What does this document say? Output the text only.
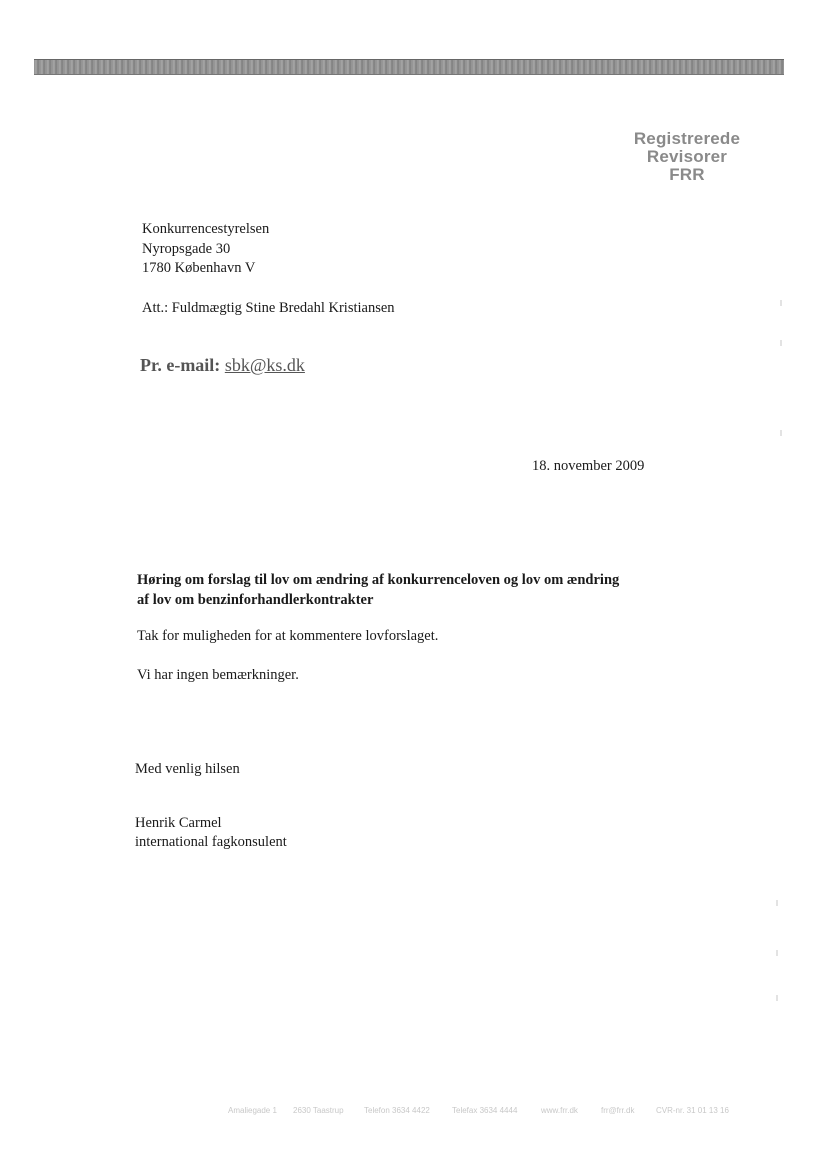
Registrerede
Revisorer
FRR
Konkurrencestyrelsen
Nyropsgade 30
1780 København V
Att.: Fuldmægtig Stine Bredahl Kristiansen
Pr. e-mail: sbk@ks.dk
18. november 2009
Høring om forslag til lov om ændring af konkurrenceloven og lov om ændring
af lov om benzinforhandlerkontrakter
Tak for muligheden for at kommentere lovforslaget.
Vi har ingen bemærkninger.
Med venlig hilsen
Henrik Carmel
international fagkonsulent
Amaliegade 1 2630 Taastrup	Telefon 3634 4422	Telefax 3634 4444	www.frr.dk	frr@frr.dk	CVR-nr. 31 01 13 16
